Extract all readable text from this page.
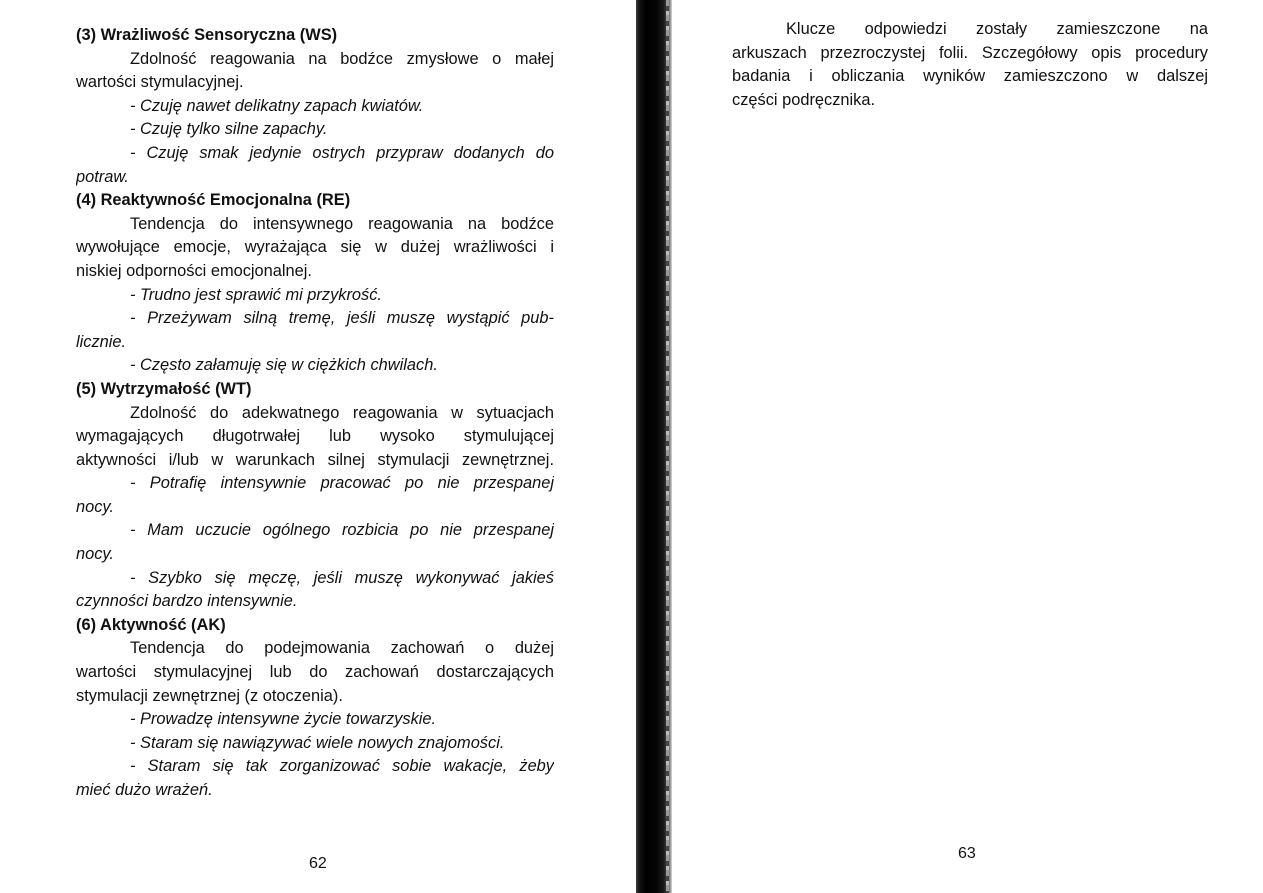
(3) Wrażliwość Sensoryczna (WS)
Zdolność reagowania na bodźce zmysłowe o małej
wartości stymulacyjnej.
- Czuję nawet delikatny zapach kwiatów.
- Czuję tylko silne zapachy.
- Czuję smak jedynie ostrych przypraw dodanych do
potraw.
(4) Reaktywność Emocjonalna (RE)
Tendencja do intensywnego reagowania na bodźce
wywołujące emocje, wyrażająca się w dużej wrażliwości i
niskiej odporności emocjonalnej.
- Trudno jest sprawić mi przykrość.
- Przeżywam silną tremę, jeśli muszę wystąpić pub-
licznie.
- Często załamuję się w ciężkich chwilach.
(5) Wytrzymałość (WT)
Zdolność do adekwatnego reagowania w sytuacjach
wymagających długotrwałej lub wysoko stymulującej
aktywności i/lub w warunkach silnej stymulacji zewnętrznej.
- Potrafię intensywnie pracować po nie przespanej
nocy.
- Mam uczucie ogólnego rozbicia po nie przespanej
nocy.
- Szybko się męczę, jeśli muszę wykonywać jakieś
czynności bardzo intensywnie.
(6) Aktywność (AK)
Tendencja do podejmowania zachowań o dużej
wartości stymulacyjnej lub do zachowań dostarczających
stymulacji zewnętrznej (z otoczenia).
- Prowadzę intensywne życie towarzyskie.
- Staram się nawiązywać wiele nowych znajomości.
- Staram się tak zorganizować sobie wakacje, żeby
mieć dużo wrażeń.
62
Klucze odpowiedzi zostały zamieszczone na
arkuszach przezroczystej folii. Szczegółowy opis procedury
badania i obliczania wyników zamieszczono w dalszej
części podręcznika.
63
